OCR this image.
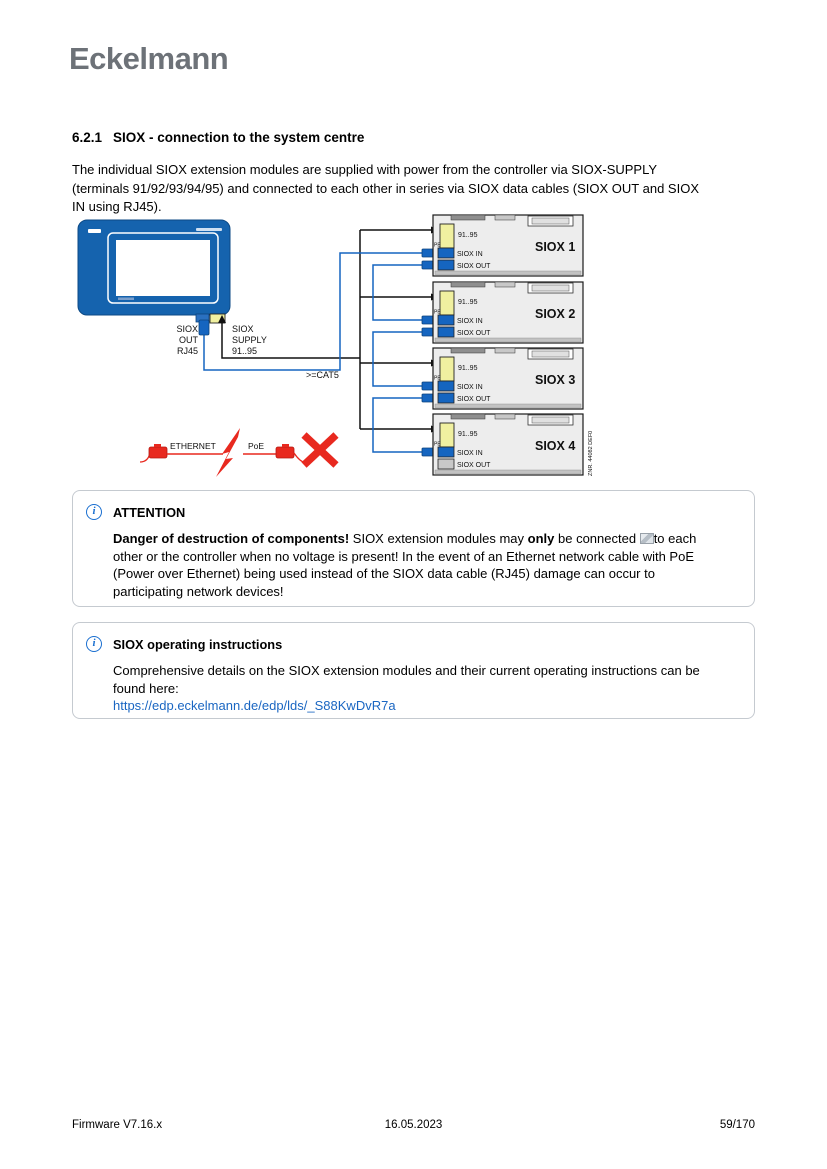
Eckelmann
6.2.1 SIOX - connection to the system centre
The individual SIOX extension modules are supplied with power from the controller via SIOX-SUPPLY
(terminals 91/92/93/94/95) and connected to each other in series via SIOX data cables (SIOX OUT and SIOX
IN using RJ45).
SIOX
OUT
RJ45
SIOX
SUPPLY
91..95
>=CAT5
91..95
PE
SIOX IN
SIOX OUT
SIOX 1
91..95
PE
SIOX IN
SIOX OUT
SIOX 2
91..95
PE
SIOX IN
SIOX OUT
SIOX 3
91..95
PE
SIOX IN
SIOX OUT
SIOX 4 ZNR. 44082 DEF0
ETHERNET	PoE
i	ATTENTION
Danger of destruction of components! SIOX extension modules may only be connected to each
other or the controller when no voltage is present! In the event of an Ethernet network cable with PoE
(Power over Ethernet) being used instead of the SIOX data cable (RJ45) damage can occur to
participating network devices!
i	SIOX operating instructions
Comprehensive details on the SIOX extension modules and their current operating instructions can be
found here:
https://edp.eckelmann.de/edp/lds/_S88KwDvR7a
Firmware V7.16.x	16.05.2023	59/170
